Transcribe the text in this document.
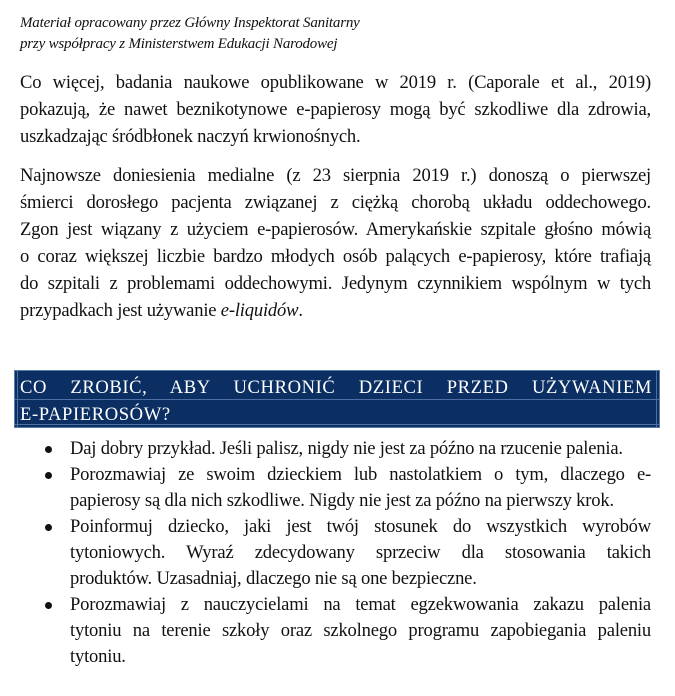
Materiał opracowany przez Główny Inspektorat Sanitarny
przy współpracy z Ministerstwem Edukacji Narodowej
Co więcej, badania naukowe opublikowane w 2019 r. (Caporale et al., 2019)
pokazują, że nawet beznikotynowe e-papierosy mogą być szkodliwe dla zdrowia,
uszkadzając śródbłonek naczyń krwionośnych.
Najnowsze doniesienia medialne (z 23 sierpnia 2019 r.) donoszą o pierwszej
śmierci dorosłego pacjenta związanej z ciężką chorobą układu oddechowego.
Zgon jest wiązany z użyciem e-papierosów. Amerykańskie szpitale głośno mówią
o coraz większej liczbie bardzo młodych osób palących e-papierosy, które trafiają
do szpitali z problemami oddechowymi. Jedynym czynnikiem wspólnym w tych
przypadkach jest używanie e-liquidów.
CO ZROBIĆ, ABY UCHRONIĆ DZIECI PRZED UŻYWANIEM
E-PAPIEROSÓW?
Daj dobry przykład. Jeśli palisz, nigdy nie jest za późno na rzucenie palenia.
Porozmawiaj ze swoim dzieckiem lub nastolatkiem o tym, dlaczego e-
papierosy są dla nich szkodliwe. Nigdy nie jest za późno na pierwszy krok.
Poinformuj dziecko, jaki jest twój stosunek do wszystkich wyrobów
tytoniowych. Wyraź zdecydowany sprzeciw dla stosowania takich
produktów. Uzasadniaj, dlaczego nie są one bezpieczne.
Porozmawiaj z nauczycielami na temat egzekwowania zakazu palenia
tytoniu na terenie szkoły oraz szkolnego programu zapobiegania paleniu
tytoniu.
